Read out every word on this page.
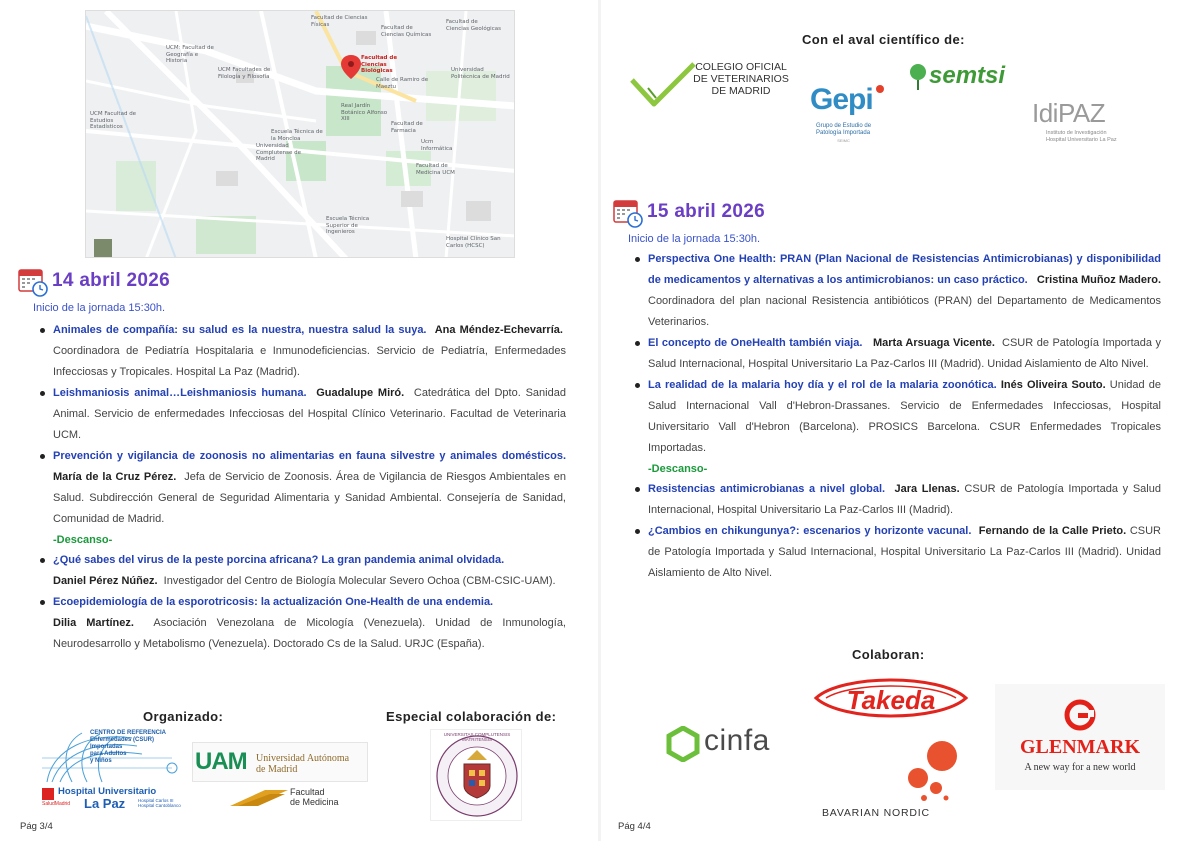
Facultad de Ciencias Biológicas
UCM Facultades de Filología y Filosofía
UCM: Facultad de Geografía e Historia
Universidad Politécnica de Madrid
Real Jardín Botánico Alfonso XIII
Facultad de Ciencias Físicas
Facultad de Ciencias Químicas
Facultad de Ciencias Geológicas
UCM Facultad de Estudios Estadísticos
Universidad Complutense de Madrid
Facultad de Farmacia
Ucm Informática
Facultad de Medicina UCM
Escuela Técnica de la Moncloa
Hospital Clínico San Carlos (HCSC)
Escuela Técnica Superior de Ingenieros
Calle de Ramiro de Maeztu
14 abril 2026
Inicio de la jornada 15:30h.
Animales de compañía: su salud es la nuestra, nuestra salud la suya. Ana Méndez-Echevarría.  Coordinadora de Pediatría Hospitalaria e Inmunodeficiencias. Servicio de Pediatría, Enfermedades Infecciosas y Tropicales. Hospital La Paz (Madrid).
Leishmaniosis animal…Leishmaniosis humana. Guadalupe Miró. Catedrática del Dpto. Sanidad Animal. Servicio de enfermedades Infecciosas del Hospital Clínico Veterinario. Facultad de Veterinaria UCM.
Prevención y vigilancia de zoonosis no alimentarias en fauna silvestre y animales domésticos. María de la Cruz Pérez. Jefa de Servicio de Zoonosis. Área de Vigilancia de Riesgos Ambientales en Salud. Subdirección General de Seguridad Alimentaria y Sanidad Ambiental. Consejería de Sanidad, Comunidad de Madrid.
-Descanso-
¿Qué sabes del virus de la peste porcina africana? La gran pandemia animal olvidada.
Daniel Pérez Núñez. Investigador del Centro de Biología Molecular Severo Ochoa (CBM-CSIC-UAM).
Ecoepidemiología de la esporotricosis: la actualización One-Health de una endemia.
Dilia Martínez. Asociación Venezolana de Micología (Venezuela). Unidad de Inmunología, Neurodesarrollo y Metabolismo (Venezuela). Doctorado Cs de la Salud. URJC (España).
Organizado:	Especial colaboración de:
CENTRO DE REFERENCIA
Enfermedades (CSUR)
Importadas
para Adultos
y Niños
SaludMadrid
Hospital Universitario
La Paz	Hospital Carlos III
Hospital Cantoblanco
UAM Universidad Autónoma
de Madrid
Facultad
de Medicina
UNIVERSITAS COMPLUTENSIS MATRITENSIS
Pág 3/4
Con el aval científico de:
COLEGIO OFICIAL
DE VETERINARIOS
DE MADRID
semtsi
Gepi
Grupo de Estudio de
Patología Importada
SEIMC
IdiPAZ
Instituto de Investigación
Hospital Universitario La Paz
15 abril 2026
Inicio de la jornada 15:30h.
Perspectiva One Health: PRAN (Plan Nacional de Resistencias Antimicrobianas) y disponibilidad de medicamentos y alternativas a los antimicrobianos: un caso práctico. Cristina Muñoz Madero. Coordinadora del plan nacional Resistencia antibióticos (PRAN) del Departamento de Medicamentos Veterinarios.
El concepto de OneHealth también viaja. Marta Arsuaga Vicente. CSUR de Patología Importada y Salud Internacional, Hospital Universitario La Paz-Carlos III (Madrid). Unidad Aislamiento de Alto Nivel.
La realidad de la malaria hoy día y el rol de la malaria zoonótica. Inés Oliveira Souto. Unidad de Salud Internacional Vall d'Hebron-Drassanes. Servicio de Enfermedades Infecciosas, Hospital Universitario Vall d'Hebron (Barcelona). PROSICS Barcelona. CSUR Enfermedades Tropicales Importadas.
-Descanso-
Resistencias antimicrobianas a nivel global. Jara Llenas. CSUR de Patología Importada y Salud Internacional, Hospital Universitario La Paz-Carlos III (Madrid).
¿Cambios en chikungunya?: escenarios y horizonte vacunal. Fernando de la Calle Prieto. CSUR de Patología Importada y Salud Internacional, Hospital Universitario La Paz-Carlos III (Madrid). Unidad Aislamiento de Alto Nivel.
Colaboran:
cinfa
Takeda
BAVARIAN NORDIC
GLENMARK
A new way for a new world
Pág 4/4
